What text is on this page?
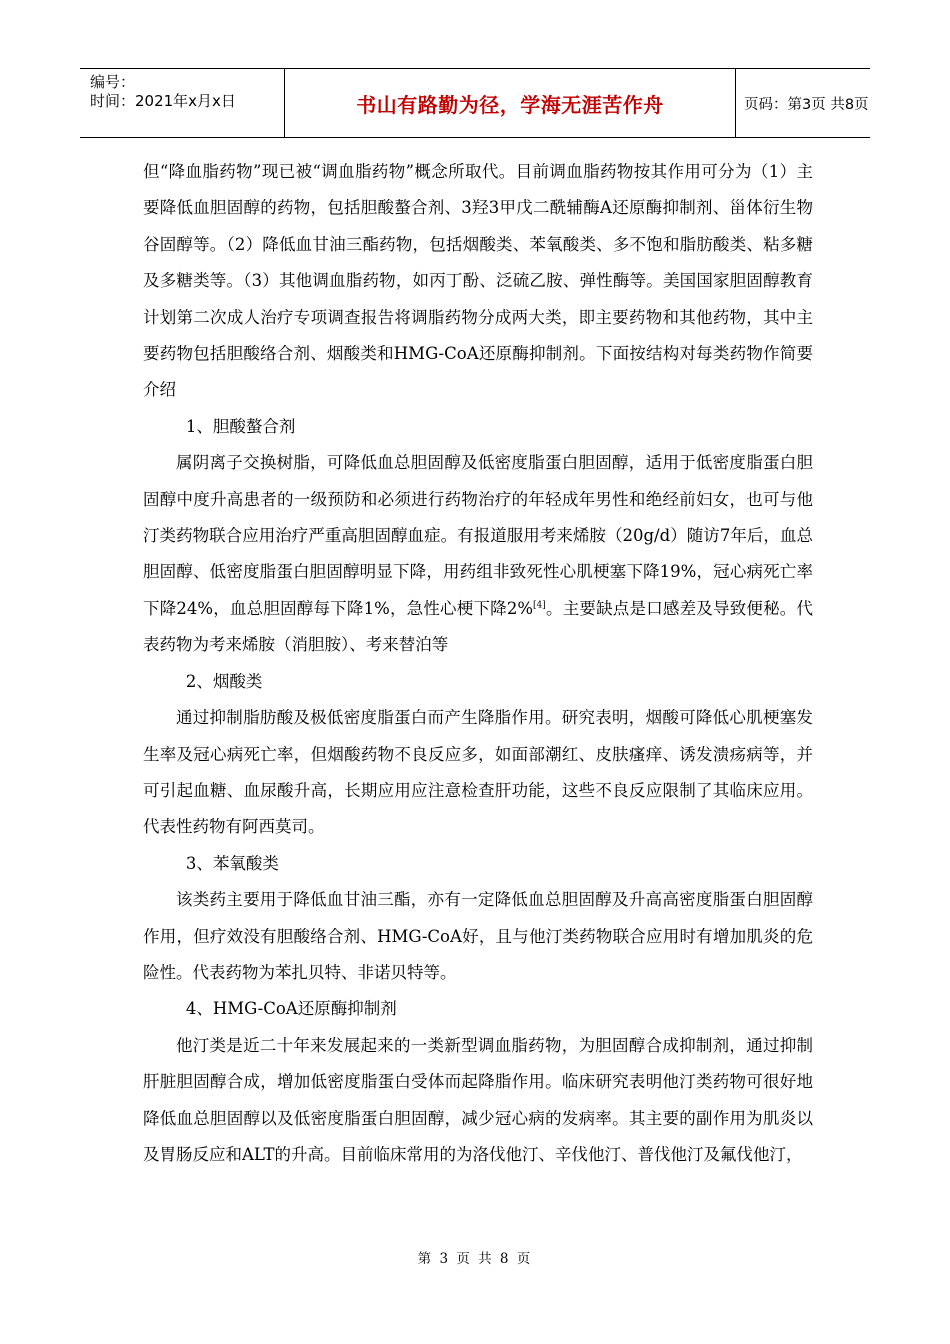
编号：
时间：2021年x月x日	书山有路勤为径，学海无涯苦作舟	页码：第3页 共8页

但“降血脂药物”现已被“调血脂药物”概念所取代。目前调血脂药物按其作用可分为（1）主要降低血胆固醇的药物，包括胆酸螯合剂、3羟3甲戊二酰辅酶A还原酶抑制剂、甾体衍生物谷固醇等。（2）降低血甘油三酯药物，包括烟酸类、苯氧酸类、多不饱和脂肪酸类、粘多糖及多糖类等。（3）其他调血脂药物，如丙丁酚、泛硫乙胺、弹性酶等。美国国家胆固醇教育计划第二次成人治疗专项调查报告将调脂药物分成两大类，即主要药物和其他药物，其中主要药物包括胆酸络合剂、烟酸类和HMG-CoA还原酶抑制剂。下面按结构对每类药物作简要介绍

1、胆酸螯合剂

属阴离子交换树脂，可降低血总胆固醇及低密度脂蛋白胆固醇，适用于低密度脂蛋白胆固醇中度升高患者的一级预防和必须进行药物治疗的年轻成年男性和绝经前妇女，也可与他汀类药物联合应用治疗严重高胆固醇血症。有报道服用考来烯胺（20g/d）随访7年后，血总胆固醇、低密度脂蛋白胆固醇明显下降，用药组非致死性心肌梗塞下降19%，冠心病死亡率下降24%，血总胆固醇每下降1%，急性心梗下降2%[4]。主要缺点是口感差及导致便秘。代表药物为考来烯胺（消胆胺）、考来替泊等

2、烟酸类

通过抑制脂肪酸及极低密度脂蛋白而产生降脂作用。研究表明，烟酸可降低心肌梗塞发生率及冠心病死亡率，但烟酸药物不良反应多，如面部潮红、皮肤瘙痒、诱发溃疡病等，并可引起血糖、血尿酸升高，长期应用应注意检查肝功能，这些不良反应限制了其临床应用。代表性药物有阿西莫司。

3、苯氧酸类

该类药主要用于降低血甘油三酯，亦有一定降低血总胆固醇及升高高密度脂蛋白胆固醇作用，但疗效没有胆酸络合剂、HMG-CoA好，且与他汀类药物联合应用时有增加肌炎的危险性。代表药物为苯扎贝特、非诺贝特等。

4、HMG-CoA还原酶抑制剂

他汀类是近二十年来发展起来的一类新型调血脂药物，为胆固醇合成抑制剂，通过抑制肝脏胆固醇合成，增加低密度脂蛋白受体而起降脂作用。临床研究表明他汀类药物可很好地降低血总胆固醇以及低密度脂蛋白胆固醇，减少冠心病的发病率。其主要的副作用为肌炎以及胃肠反应和ALT的升高。目前临床常用的为洛伐他汀、辛伐他汀、普伐他汀及氟伐他汀，

第 3 页 共 8 页
